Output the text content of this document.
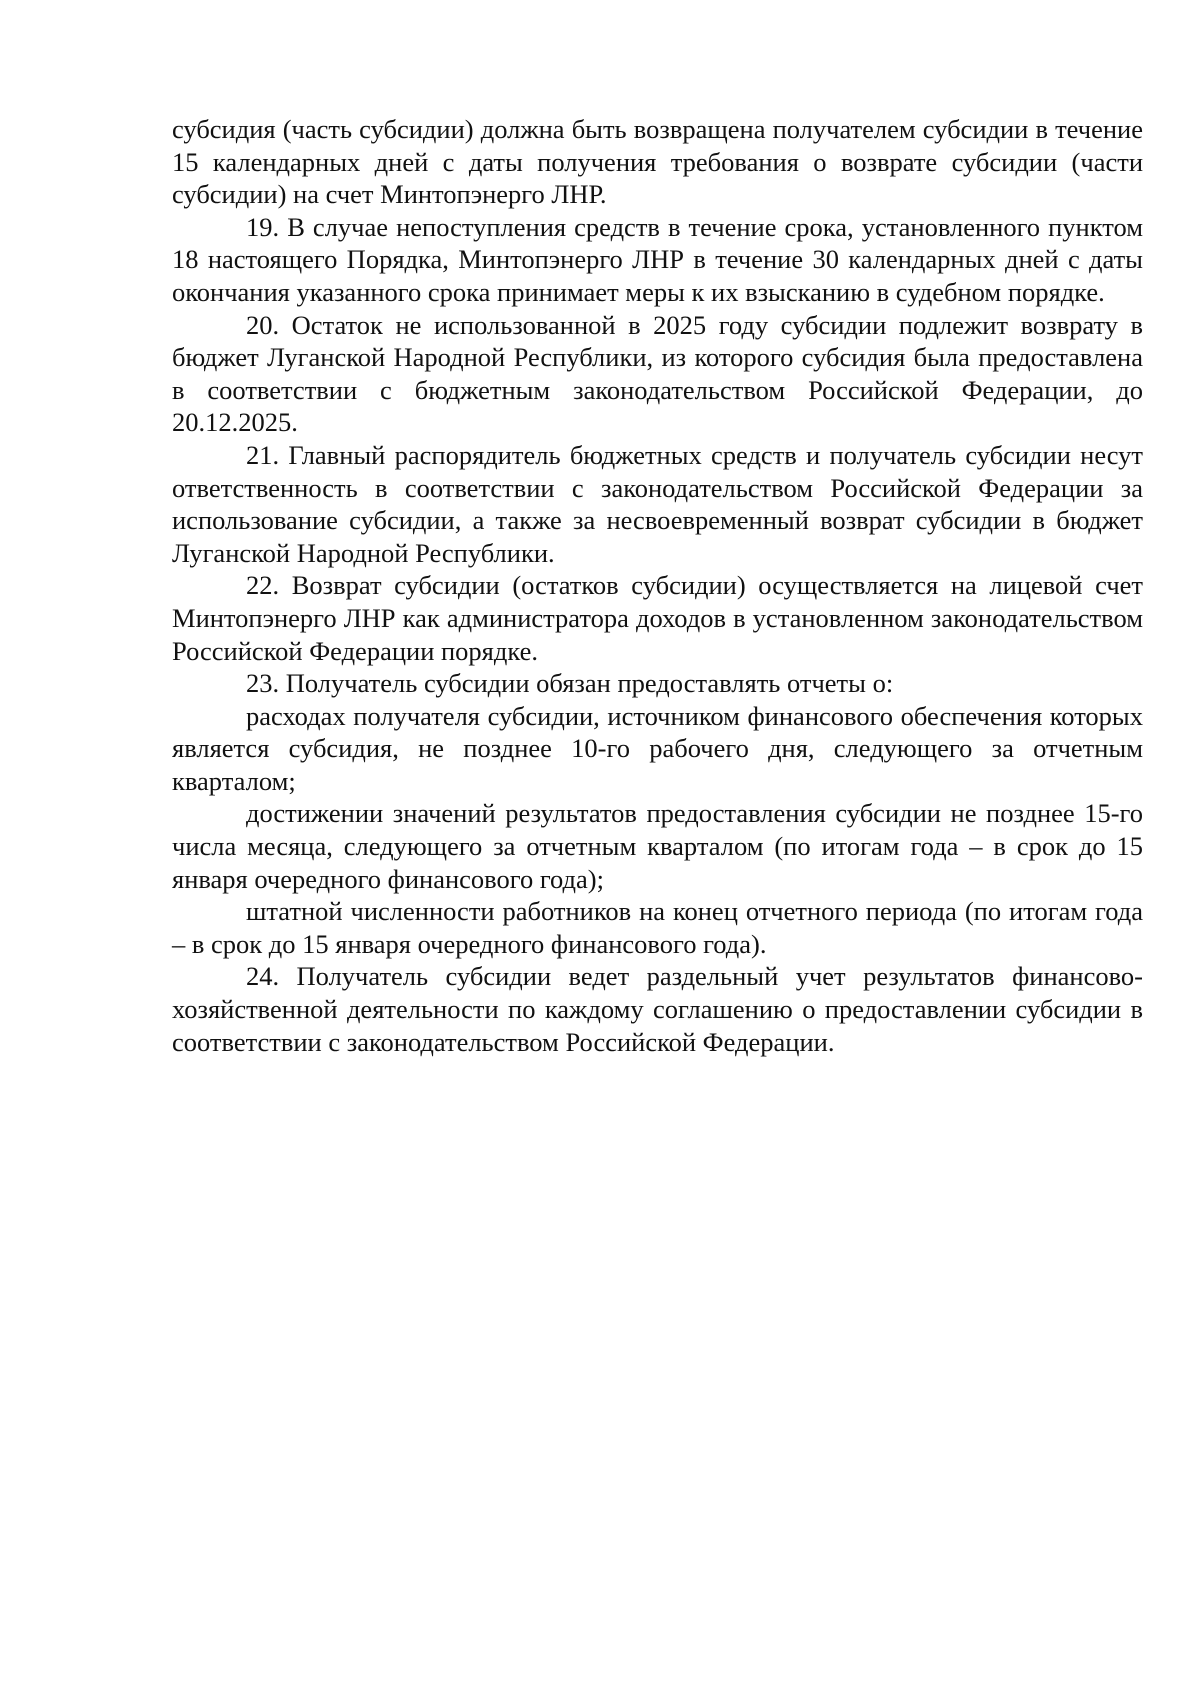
субсидия (часть субсидии) должна быть возвращена получателем субсидии в течение 15 календарных дней с даты получения требования о возврате субсидии (части субсидии) на счет Минтопэнерго ЛНР.

19. В случае непоступления средств в течение срока, установленного пунктом 18 настоящего Порядка, Минтопэнерго ЛНР в течение 30 календарных дней с даты окончания указанного срока принимает меры к их взысканию в судебном порядке.

20. Остаток не использованной в 2025 году субсидии подлежит возврату в бюджет Луганской Народной Республики, из которого субсидия была предоставлена в соответствии с бюджетным законодательством Российской Федерации, до 20.12.2025.

21. Главный распорядитель бюджетных средств и получатель субсидии несут ответственность в соответствии с законодательством Российской Федерации за использование субсидии, а также за несвоевременный возврат субсидии в бюджет Луганской Народной Республики.

22. Возврат субсидии (остатков субсидии) осуществляется на лицевой счет Минтопэнерго ЛНР как администратора доходов в установленном законодательством Российской Федерации порядке.

23. Получатель субсидии обязан предоставлять отчеты о:

расходах получателя субсидии, источником финансового обеспечения которых является субсидия, не позднее 10-го рабочего дня, следующего за отчетным кварталом;

достижении значений результатов предоставления субсидии не позднее 15-го числа месяца, следующего за отчетным кварталом (по итогам года – в срок до 15 января очередного финансового года);

штатной численности работников на конец отчетного периода (по итогам года – в срок до 15 января очередного финансового года).

24. Получатель субсидии ведет раздельный учет результатов финансово-хозяйственной деятельности по каждому соглашению о предоставлении субсидии в соответствии с законодательством Российской Федерации.
